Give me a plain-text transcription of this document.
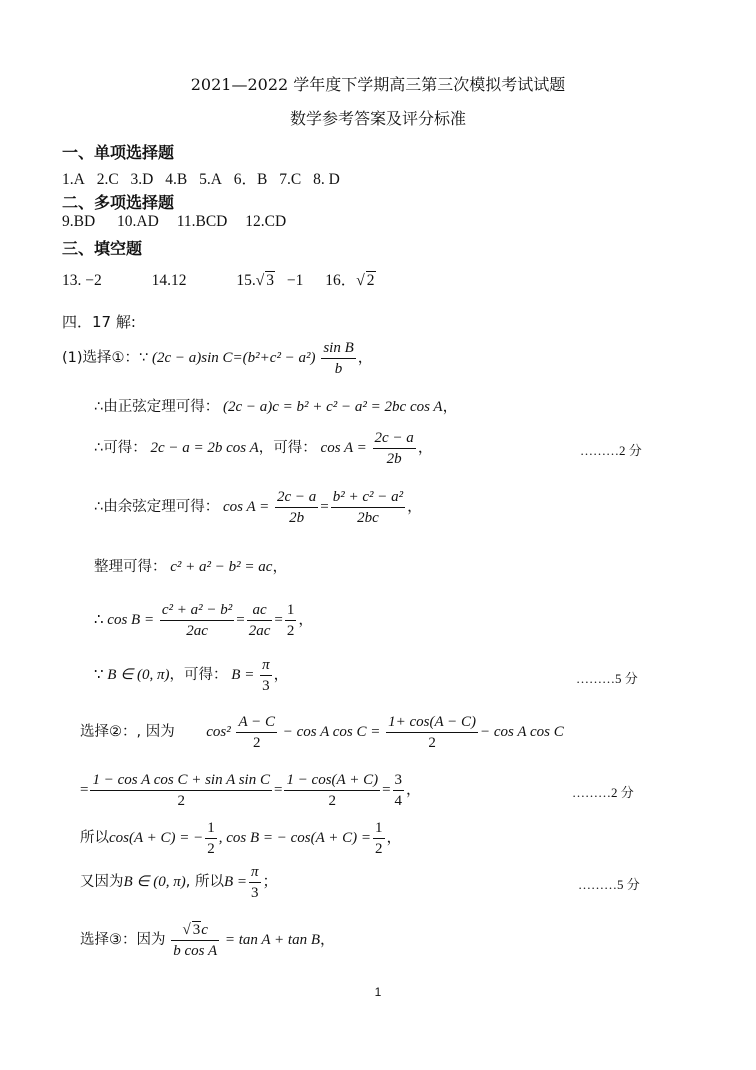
2021—2022 学年度下学期高三第三次模拟考试试题
数学参考答案及评分标准
一、单项选择题
1.A 2.C 3.D 4.B 5.A 6．B 7.C 8. D
二、多项选择题
9.BD 10.AD 11.BCD 12.CD
三、填空题
13. −2	14.12	15.√ 3 −1 16．√ 2
四．17 解:
(1)选择①：∵ (2c − a)sin $C=(b^2+c^2 - a^2) \frac{\text{sin B}}{b}$ ，
∴由正弦定理可得： (2c − a)c = b² + c² − a² = 2bc cos A，
∴可得： 2c − a = 2b cos A，可得： $\cos A = \frac{2c - a}{2b}$ ，	………2 分
∴由余弦定理可得： $\cos A = \frac{2c - a}{2b} = \frac{\text{b² + c² − a²}}{2bc}$ ，
整理可得： c² + a² − b² = ac，
∴ $\cos B = \frac{\text{c² + a² − b²}}{2ac} = \frac{ac}{2ac} = \frac{1}{2}$ ，
∵ B ∈ (0, π)，可得： $B = \frac{\pi}{3}$ ，	………5 分
选择②：, 因为 $\cos^2 \frac{A - C}{2} - \cos A$ $\cos C = \frac{1+ \cos(A - C)}{2} - \cos A$ cos C
= $\frac{\text{1 − cos A cos C + sin A sin C}}{2} = \frac{1 - \cos(A + C)}{2} = \frac{3}{4}$ ，	………2 分
所以cos(A + C) = − $\frac{1}{2}$ , cos B = − $\cos(A + C) = \frac{1}{2}$ ，
又因为B ∈ (0, π), 所以$B = \frac{\pi}{3}$ ；	………5 分
选择③：因为 $\frac{√ 3c}{\text{b cos A}} = \tan A + \tan B$，
1
